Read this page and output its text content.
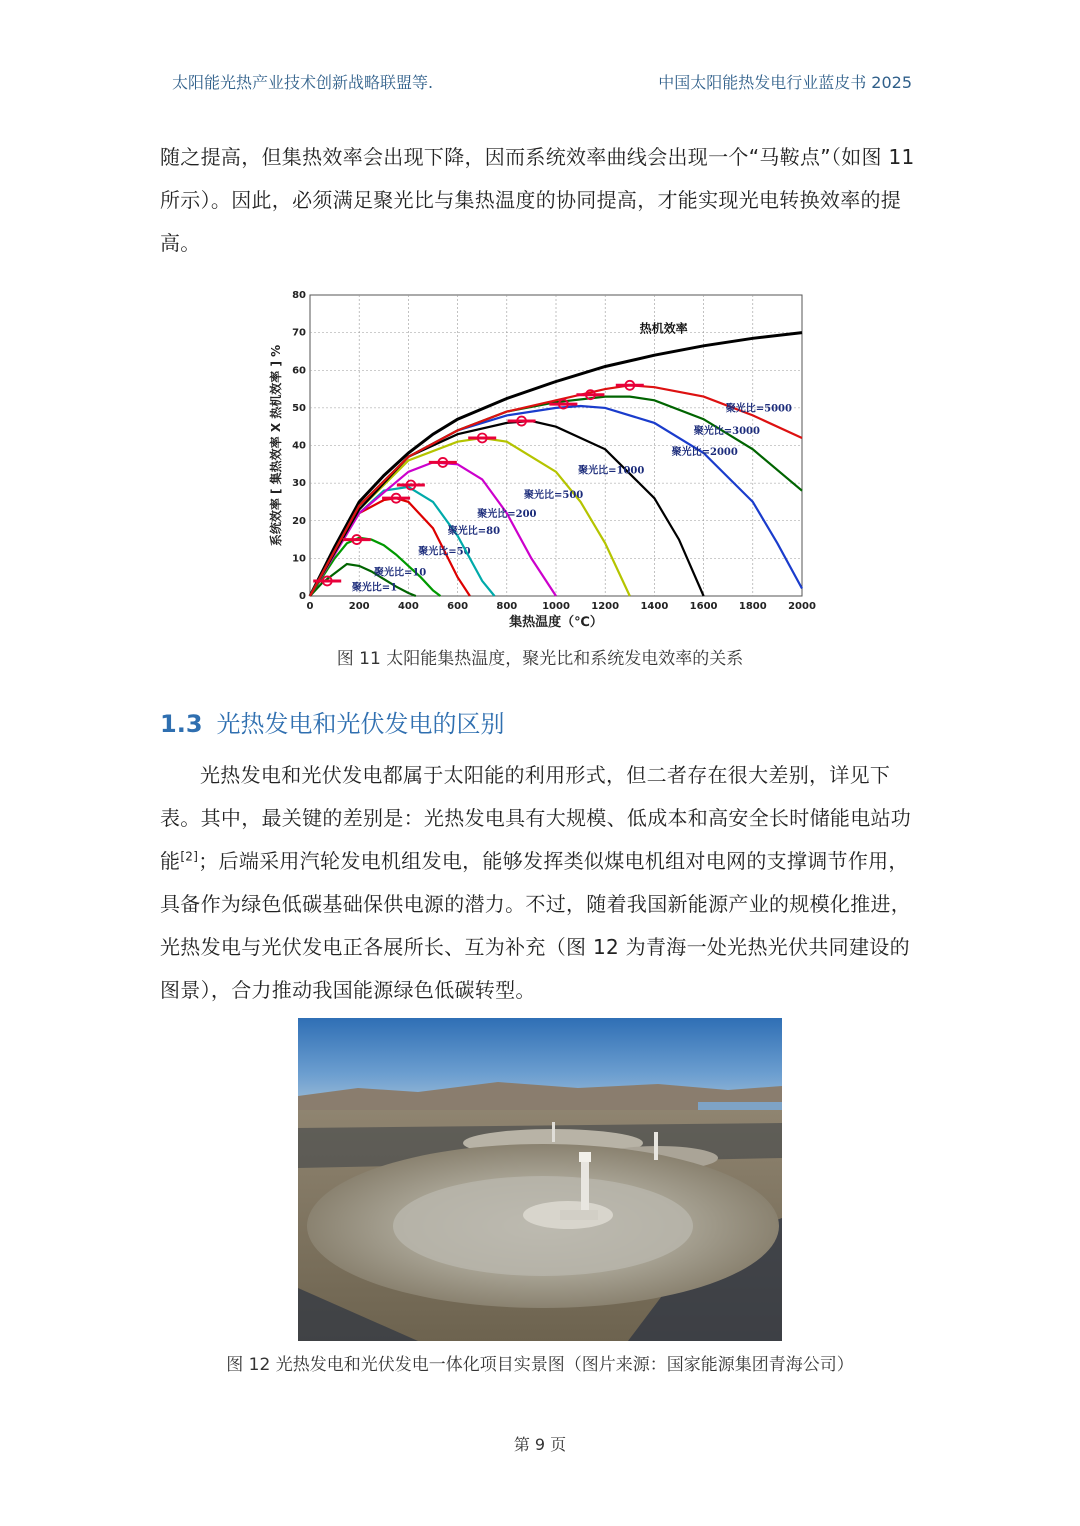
太阳能光热产业技术创新战略联盟等.	中国太阳能热发电行业蓝皮书 2025
随之提高，但集热效率会出现下降，因而系统效率曲线会出现一个“马鞍点”（如图 11 所示）。因此，必须满足聚光比与集热温度的协同提高，才能实现光电转换效率的提高。
0	200	400	600	800 1000 1200 1400 1600 1800 2000
0
10
20
30
40
50
60
70
80
集热温度（℃）
系统效率 [ 集热效率 X 热机效率 ] %
热机效率
聚光比=1
聚光比=10
聚光比=50
聚光比=80
聚光比=200
聚光比=500
聚光比=1000
聚光比=2000
聚光比=3000
聚光比=5000
图 11 太阳能集热温度，聚光比和系统发电效率的关系
1.3 光热发电和光伏发电的区别
光热发电和光伏发电都属于太阳能的利用形式，但二者存在很大差别，详见下表。其中，最关键的差别是：光热发电具有大规模、低成本和高安全长时储能电站功能[2]；后端采用汽轮发电机组发电，能够发挥类似煤电机组对电网的支撑调节作用，具备作为绿色低碳基础保供电源的潜力。不过，随着我国新能源产业的规模化推进，光热发电与光伏发电正各展所长、互为补充（图 12 为青海一处光热光伏共同建设的图景），合力推动我国能源绿色低碳转型。
图 12 光热发电和光伏发电一体化项目实景图（图片来源：国家能源集团青海公司）
第 9 页
